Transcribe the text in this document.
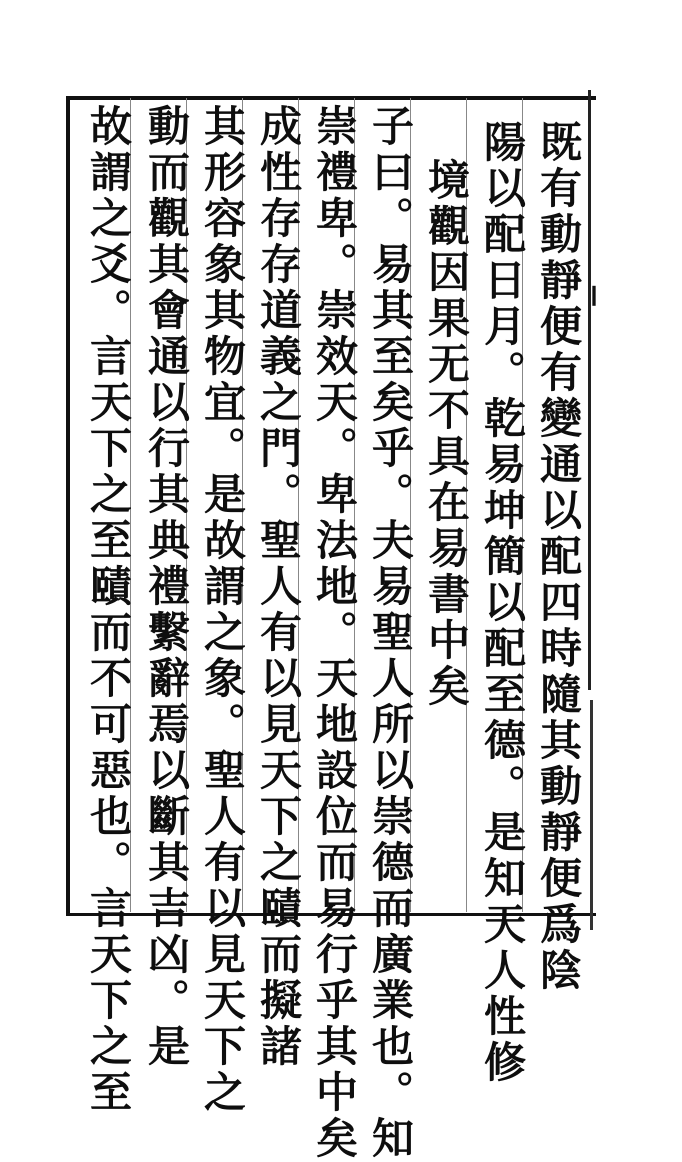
❙
既有動靜便有變通以配四時隨其動靜便爲陰
陽以配日月。乾易坤簡以配至德。是知天人性修
境觀因果无不具在易書中矣
子曰。易其至矣乎。夫易聖人所以崇德而廣業也。知
崇禮卑。崇效天。卑法地。天地設位而易行乎其中矣
成性存存道義之門。聖人有以見天下之賾而擬諸
其形容象其物宜。是故謂之象。聖人有以見天下之
動而觀其會通以行其典禮繫辭焉以斷其吉凶。是
故謂之爻。言天下之至賾而不可惡也。言天下之至
